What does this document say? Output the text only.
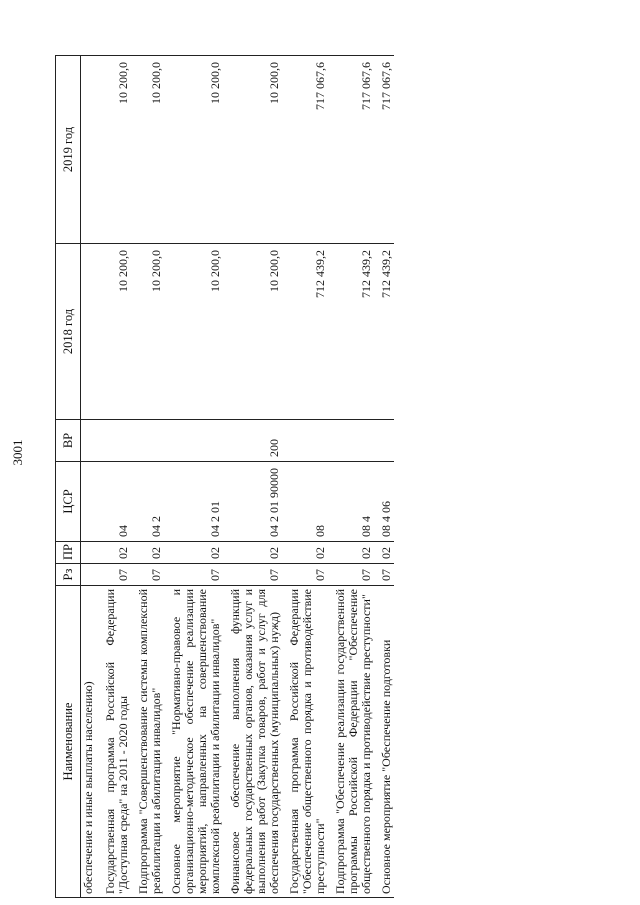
3001
Наименование	Рз	ПР	ЦСР	ВР	2018 год	2019 год
обеспечение и иные выплаты населению)						
Государственная программа Российской Федерации "Доступная среда" на 2011 - 2020 годы	07	02	04		10 200,0	10 200,0
Подпрограмма "Совершенствование системы комплексной реабилитации и абилитации инвалидов"	07	02	04 2		10 200,0	10 200,0
Основное мероприятие "Нормативно-правовое и организационно-методическое обеспечение реализации мероприятий, направленных на совершенствование комплексной реабилитации и абилитации инвалидов"	07	02	04 2 01		10 200,0	10 200,0
Финансовое обеспечение выполнения функций федеральных государственных органов, оказания услуг и выполнения работ (Закупка товаров, работ и услуг для обеспечения государственных (муниципальных) нужд)	07	02	04 2 01 90000	200	10 200,0	10 200,0
Государственная программа Российской Федерации "Обеспечение общественного порядка и противодействие преступности"	07	02	08		712 439,2	717 067,6
Подпрограмма "Обеспечение реализации государственной программы Российской Федерации "Обеспечение общественного порядка и противодействие преступности"	07	02	08 4		712 439,2	717 067,6
Основное мероприятие "Обеспечение подготовки	07	02	08 4 06		712 439,2	717 067,6
